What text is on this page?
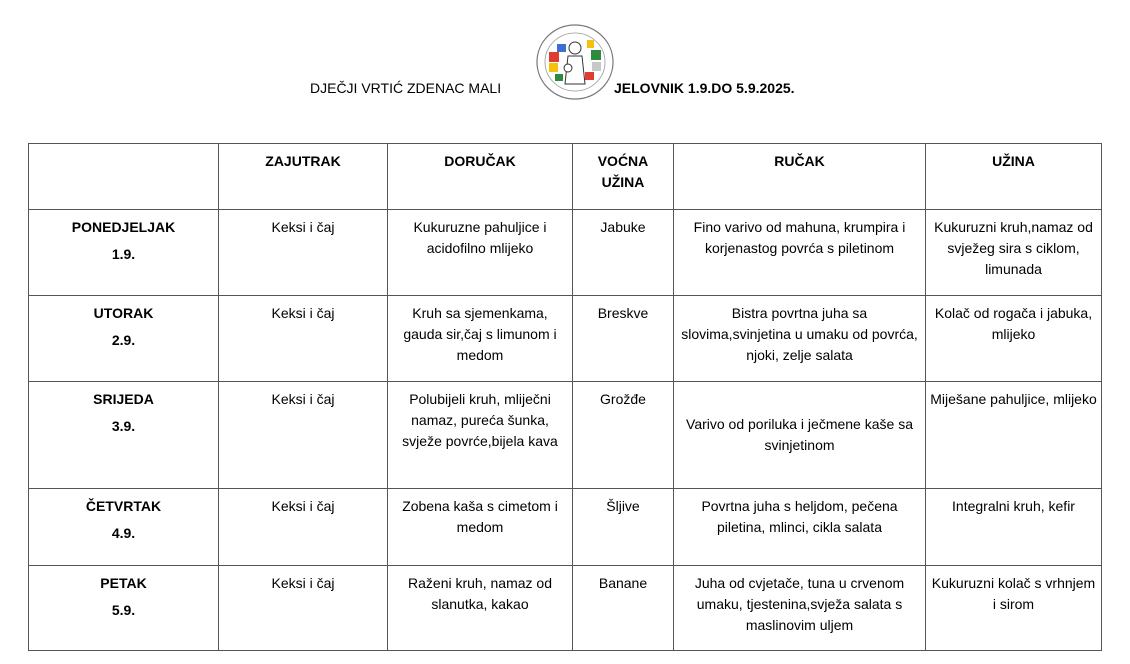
DJEČJI VRTIĆ ZDENAC MALI	JELOVNIK 1.9.DO 5.9.2025.
	ZAJUTRAK	DORUČAK	VOĆNA UŽINA	RUČAK	UŽINA
PONEDJELJAK
1.9.	Keksi i čaj	Kukuruzne pahuljice i acidofilno mlijeko	Jabuke	Fino varivo od mahuna, krumpira i korjenastog povrća s piletinom	Kukuruzni kruh,namaz od svježeg sira s ciklom, limunada
UTORAK
2.9.	Keksi i čaj	Kruh sa sjemenkama, gauda sir,čaj s limunom i medom	Breskve	Bistra povrtna juha sa slovima,svinjetina u umaku od povrća, njoki, zelje salata	Kolač od rogača i jabuka, mlijeko
SRIJEDA
3.9.	Keksi i čaj	Polubijeli kruh, mliječni namaz, pureća šunka, svježe povrće,bijela kava	Grožđe	Varivo od poriluka i ječmene kaše sa svinjetinom	Miješane pahuljice, mlijeko
ČETVRTAK
4.9.	Keksi i čaj	Zobena kaša s cimetom i medom	Šljive	Povrtna juha s heljdom, pečena piletina, mlinci, cikla salata	Integralni kruh, kefir
PETAK
5.9.	Keksi i čaj	Raženi kruh, namaz od slanutka, kakao	Banane	Juha od cvjetače, tuna u crvenom umaku, tjestenina,svježa salata s maslinovim uljem	Kukuruzni kolač s vrhnjem i sirom
